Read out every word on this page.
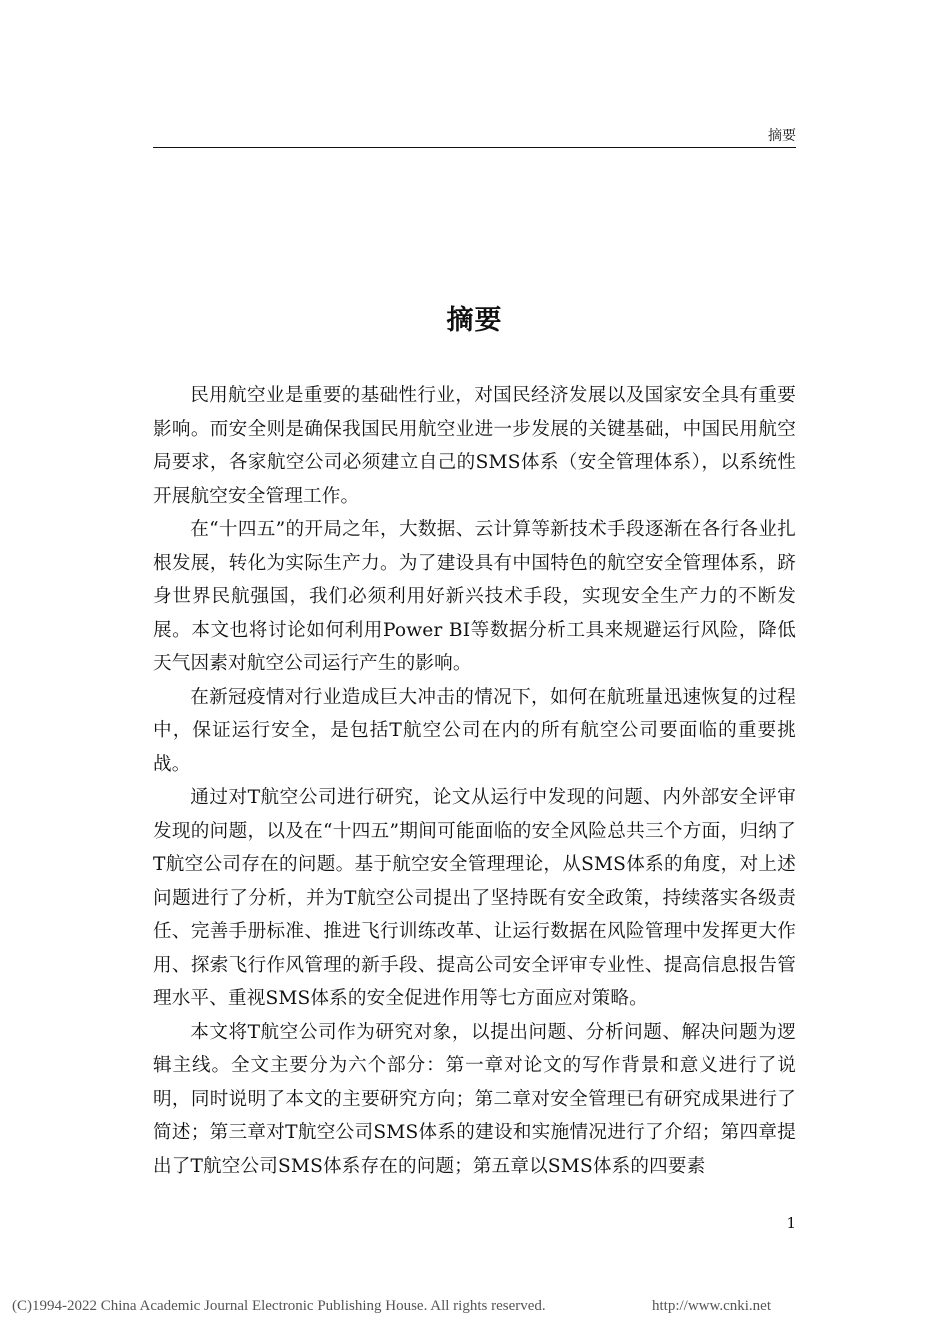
摘要
摘要

民用航空业是重要的基础性行业，对国民经济发展以及国家安全具有重要影响。而安全则是确保我国民用航空业进一步发展的关键基础，中国民用航空局要求，各家航空公司必须建立自己的SMS体系（安全管理体系），以系统性开展航空安全管理工作。

在“十四五”的开局之年，大数据、云计算等新技术手段逐渐在各行各业扎根发展，转化为实际生产力。为了建设具有中国特色的航空安全管理体系，跻身世界民航强国，我们必须利用好新兴技术手段，实现安全生产力的不断发展。本文也将讨论如何利用Power BI等数据分析工具来规避运行风险，降低天气因素对航空公司运行产生的影响。

在新冠疫情对行业造成巨大冲击的情况下，如何在航班量迅速恢复的过程中，保证运行安全，是包括T航空公司在内的所有航空公司要面临的重要挑战。

通过对T航空公司进行研究，论文从运行中发现的问题、内外部安全评审发现的问题，以及在“十四五”期间可能面临的安全风险总共三个方面，归纳了T航空公司存在的问题。基于航空安全管理理论，从SMS体系的角度，对上述问题进行了分析，并为T航空公司提出了坚持既有安全政策，持续落实各级责任、完善手册标准、推进飞行训练改革、让运行数据在风险管理中发挥更大作用、探索飞行作风管理的新手段、提高公司安全评审专业性、提高信息报告管理水平、重视SMS体系的安全促进作用等七方面应对策略。

本文将T航空公司作为研究对象，以提出问题、分析问题、解决问题为逻辑主线。全文主要分为六个部分：第一章对论文的写作背景和意义进行了说明，同时说明了本文的主要研究方向；第二章对安全管理已有研究成果进行了简述；第三章对T航空公司SMS体系的建设和实施情况进行了介绍；第四章提出了T航空公司SMS体系存在的问题；第五章以SMS体系的四要素

1
(C)1994-2022 China Academic Journal Electronic Publishing House. All rights reserved.	http://www.cnki.net
